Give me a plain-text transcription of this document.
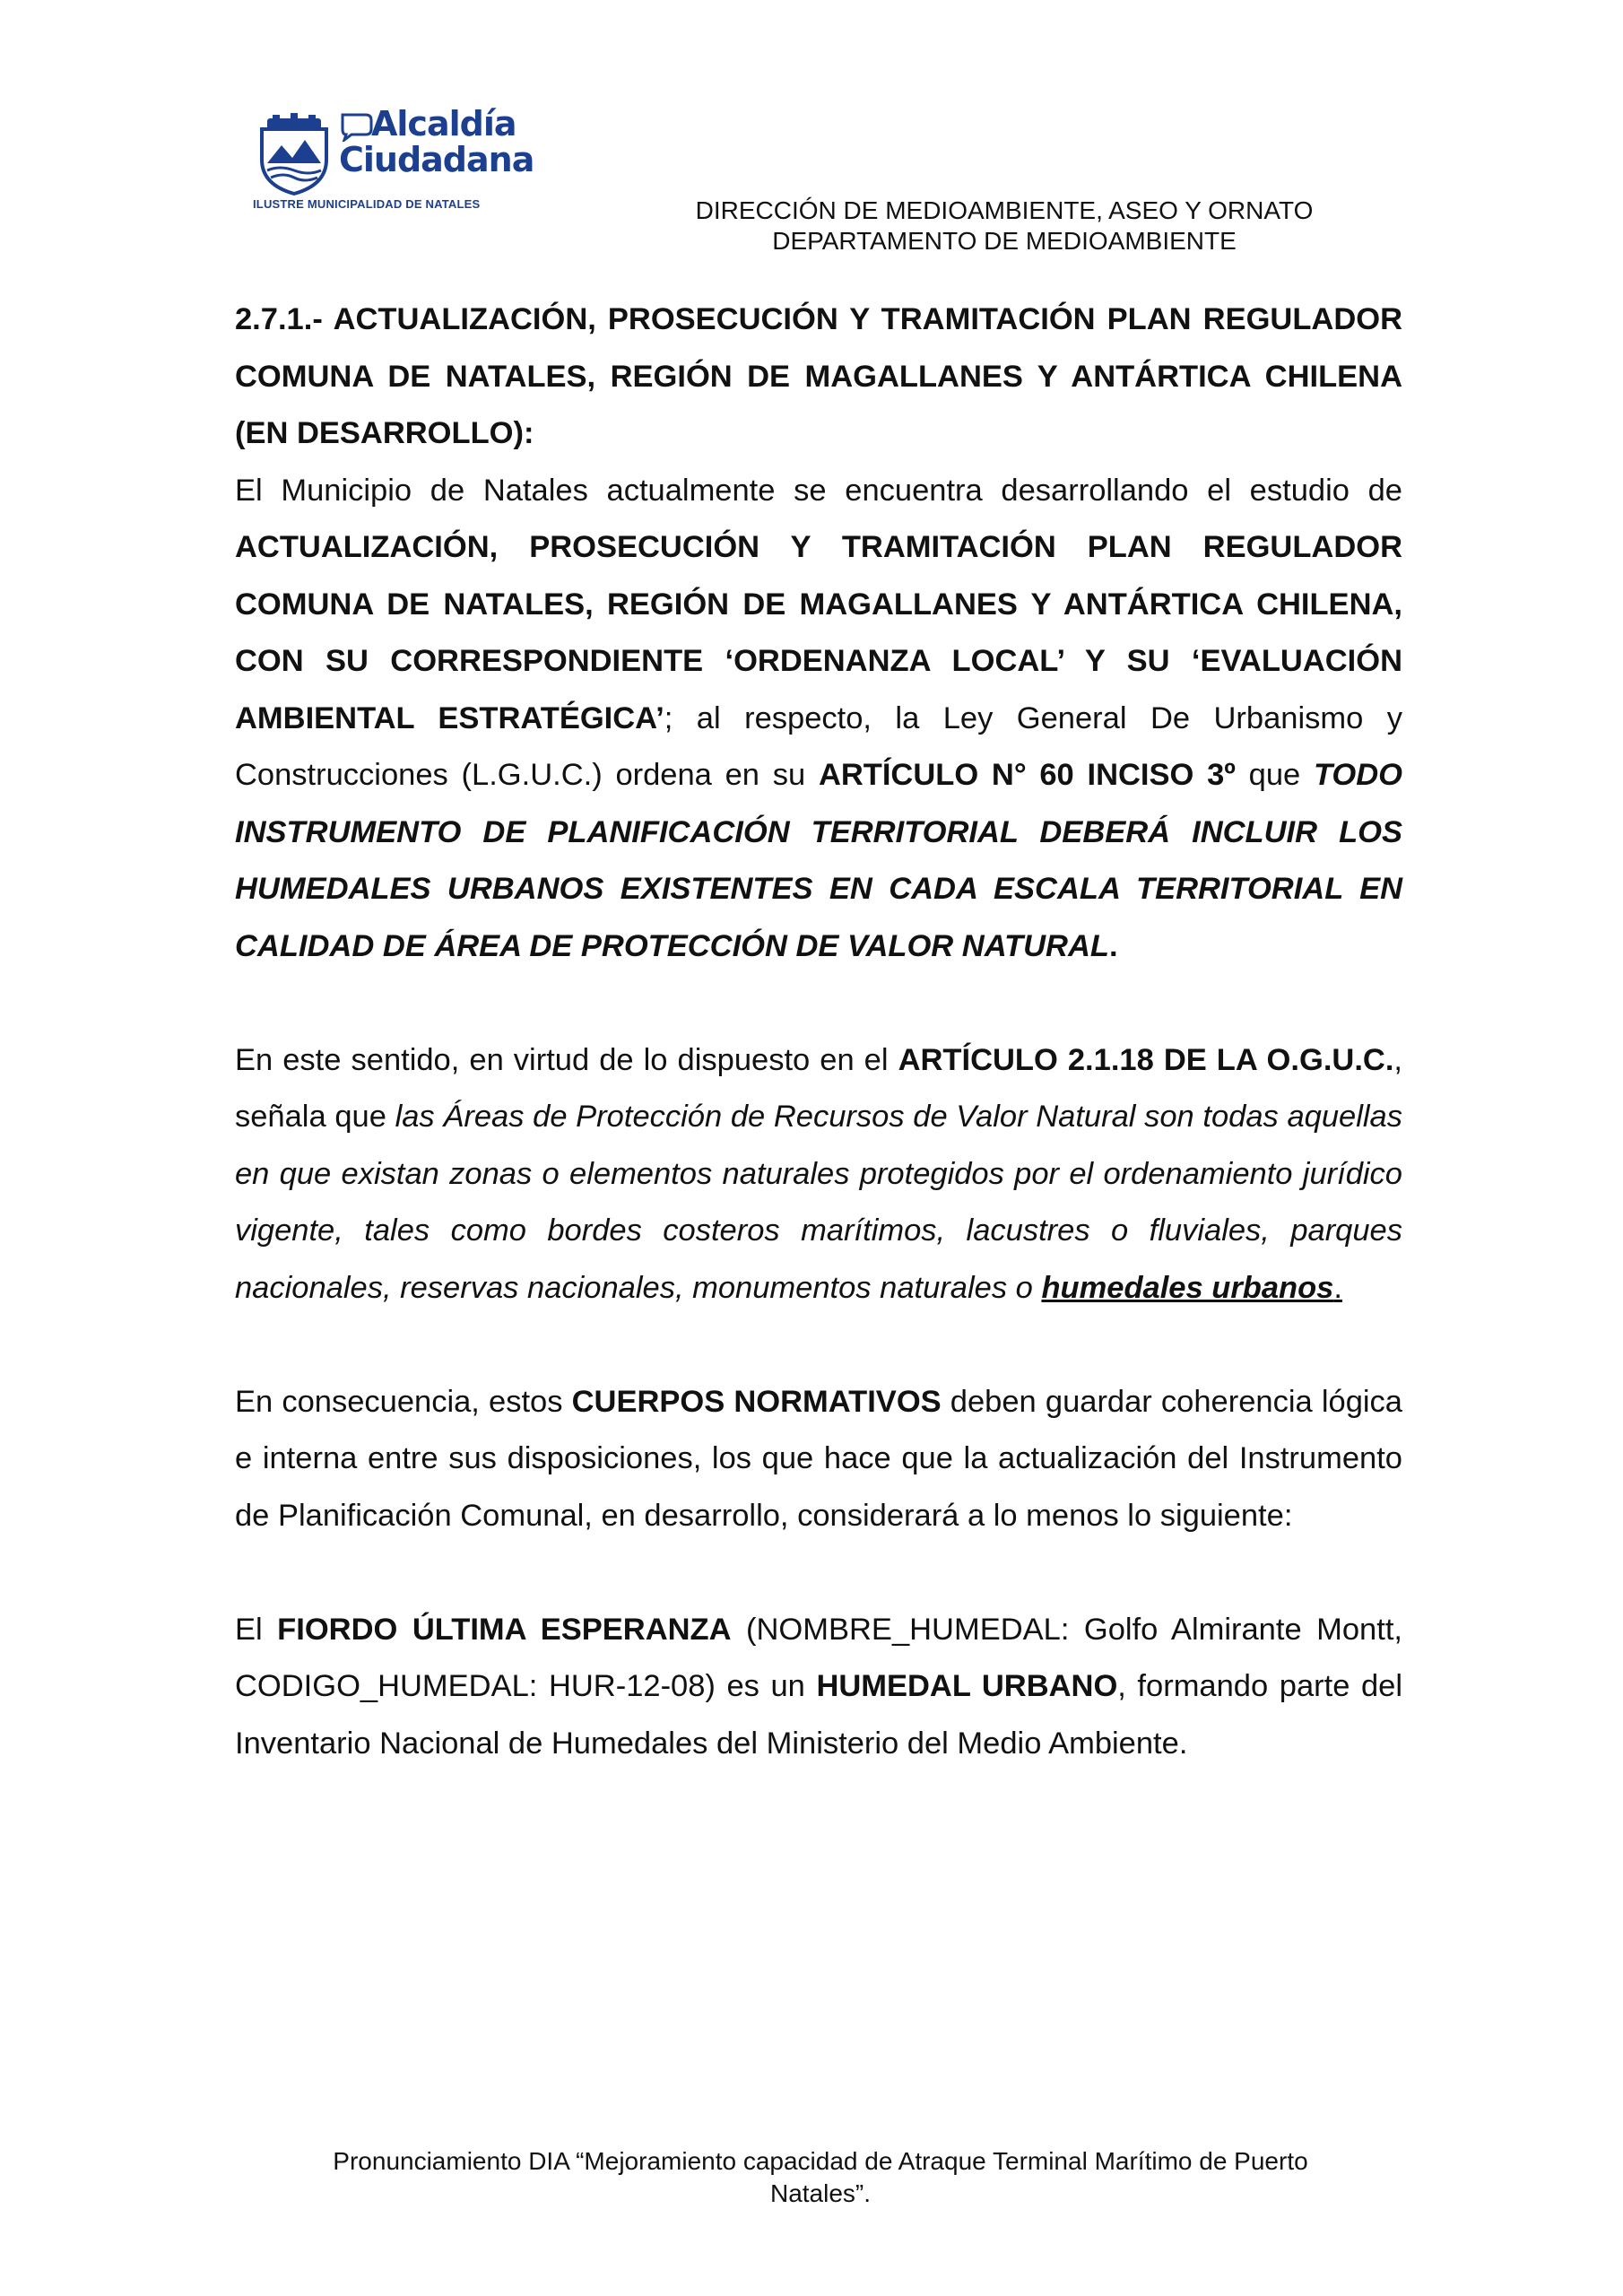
Alcaldía
Ciudadana
ILUSTRE MUNICIPALIDAD DE NATALES	DIRECCIÓN DE MEDIOAMBIENTE, ASEO Y ORNATO
DEPARTAMENTO DE MEDIOAMBIENTE

2.7.1.- ACTUALIZACIÓN, PROSECUCIÓN Y TRAMITACIÓN PLAN REGULADOR COMUNA DE NATALES, REGIÓN DE MAGALLANES Y ANTÁRTICA CHILENA (EN DESARROLLO):

El Municipio de Natales actualmente se encuentra desarrollando el estudio de ACTUALIZACIÓN, PROSECUCIÓN Y TRAMITACIÓN PLAN REGULADOR COMUNA DE NATALES, REGIÓN DE MAGALLANES Y ANTÁRTICA CHILENA, CON SU CORRESPONDIENTE ‘ORDENANZA LOCAL’ Y SU ‘EVALUACIÓN AMBIENTAL ESTRATÉGICA’; al respecto, la Ley General De Urbanismo y Construcciones (L.G.U.C.) ordena en su ARTÍCULO N° 60 INCISO 3º que TODO INSTRUMENTO DE PLANIFICACIÓN TERRITORIAL DEBERÁ INCLUIR LOS HUMEDALES URBANOS EXISTENTES EN CADA ESCALA TERRITORIAL EN CALIDAD DE ÁREA DE PROTECCIÓN DE VALOR NATURAL.

En este sentido, en virtud de lo dispuesto en el ARTÍCULO 2.1.18 DE LA O.G.U.C., señala que las Áreas de Protección de Recursos de Valor Natural son todas aquellas en que existan zonas o elementos naturales protegidos por el ordenamiento jurídico vigente, tales como bordes costeros marítimos, lacustres o fluviales, parques nacionales, reservas nacionales, monumentos naturales o humedales urbanos.

En consecuencia, estos CUERPOS NORMATIVOS deben guardar coherencia lógica e interna entre sus disposiciones, los que hace que la actualización del Instrumento de Planificación Comunal, en desarrollo, considerará a lo menos lo siguiente:

El FIORDO ÚLTIMA ESPERANZA (NOMBRE_HUMEDAL: Golfo Almirante Montt, CODIGO_HUMEDAL: HUR-12-08) es un HUMEDAL URBANO, formando parte del Inventario Nacional de Humedales del Ministerio del Medio Ambiente.

Pronunciamiento DIA “Mejoramiento capacidad de Atraque Terminal Marítimo de Puerto
Natales”.
